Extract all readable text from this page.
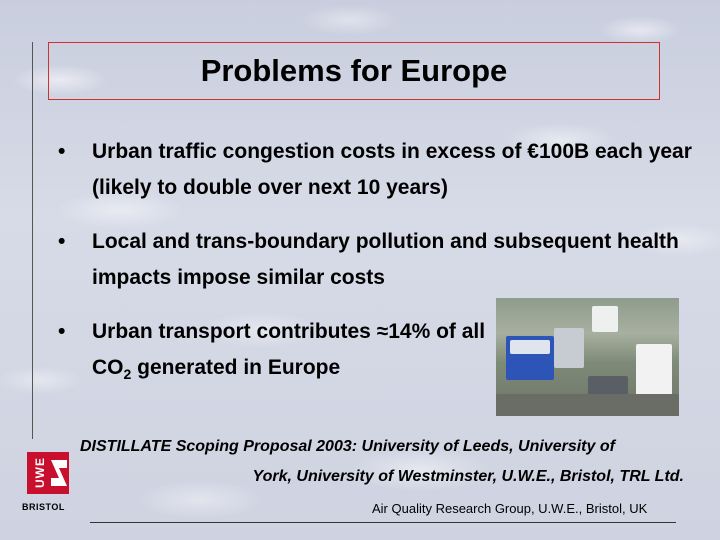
Problems for Europe
• Urban traffic congestion costs in excess of €100B each year (likely to double over next 10 years)
• Local and trans-boundary pollution and subsequent health impacts impose similar costs
• Urban transport contributes ≈14% of all $CO_2$ generated in Europe
DISTILLATE Scoping Proposal 2003: University of Leeds, University of
York, University of Westminster, U.W.E., Bristol, TRL Ltd.
UWE
BRISTOL	Air Quality Research Group, U.W.E., Bristol, UK
